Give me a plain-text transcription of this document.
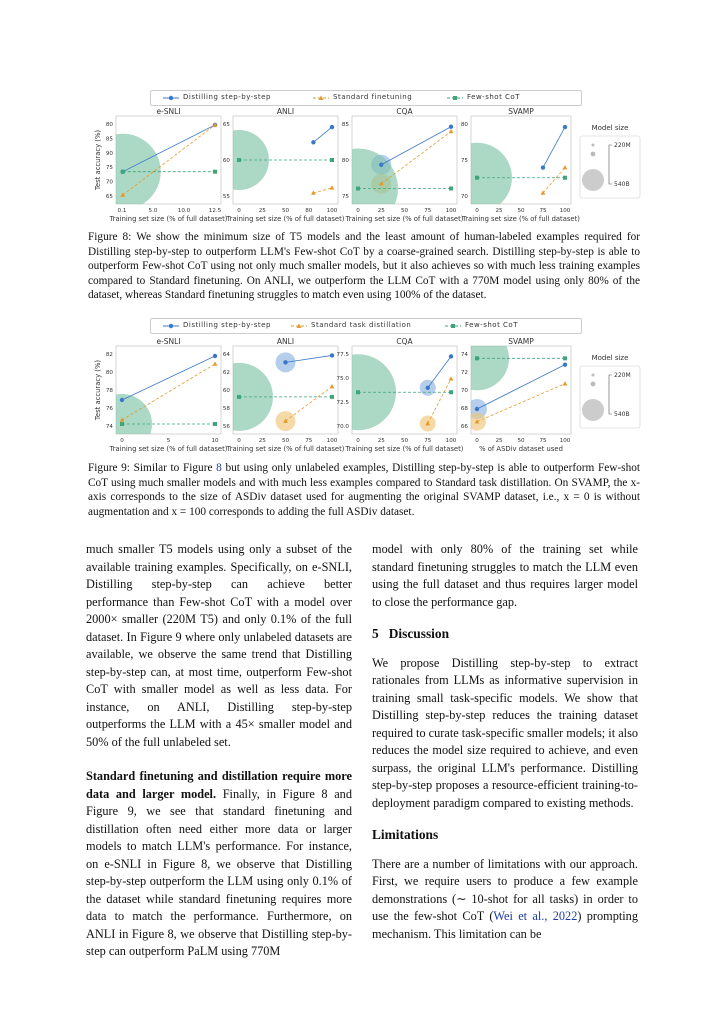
Distilling step-by-step	Standard finetuning	Few-shot CoT
e-SNLI
Training set size (% of full dataset)
Test accuracy (%)
0.1	5.0	10.0	12.5
80
85
90
75
70
65
ANLI
Training set size (% of full dataset)
0	25	50	80	100
65
60
55
CQA
Training set size (% of full dataset)
0	25	50	75	100
85
80
75
SVAMP
Training set size (% of full dataset)
0	25	50	75 100
80
75
70
Model size
220M
540B
Figure 8: We show the minimum size of T5 models and the least amount of human-labeled examples required for Distilling step-by-step to outperform LLM's Few-shot CoT by a coarse-grained search. Distilling step-by-step is able to outperform Few-shot CoT using not only much smaller models, but it also achieves so with much less training examples compared to Standard finetuning. On ANLI, we outperform the LLM CoT with a 770M model using only 80% of the dataset, whereas Standard finetuning struggles to match even using 100% of the dataset.
Distilling step-by-step	Standard task distillation	Few-shot CoT
e-SNLI
Training set size (% of full dataset)
Test accuracy (%)
0	5	10
82
80
78
76
74
ANLI
Training set size (% of full dataset)
0	25	50	75	100
64
62
60
58
56
CQA
Training set size (% of full dataset)
0	25	50	75	100
77.5
75.0
72.5
70.0
SVAMP
% of ASDiv dataset used
0	25	50	75 100
74
72
70
68
66
Model size
220M
540B
Figure 9: Similar to Figure 8 but using only unlabeled examples, Distilling step-by-step is able to outperform Few-shot CoT using much smaller models and with much less examples compared to Standard task distillation. On SVAMP, the x-axis corresponds to the size of ASDiv dataset used for augmenting the original SVAMP dataset, i.e., x = 0 is without augmentation and x = 100 corresponds to adding the full ASDiv dataset.

much smaller T5 models using only a subset of the available training examples. Specifically, on e-SNLI, Distilling step-by-step can achieve better performance than Few-shot CoT with a model over 2000× smaller (220M T5) and only 0.1% of the full dataset. In Figure 9 where only unlabeled datasets are available, we observe the same trend that Distilling step-by-step can, at most time, outperform Few-shot CoT with smaller model as well as less data. For instance, on ANLI, Distilling step-by-step outperforms the LLM with a 45× smaller model and 50% of the full unlabeled set.

Standard finetuning and distillation require more data and larger model. Finally, in Figure 8 and Figure 9, we see that standard finetuning and distillation often need either more data or larger models to match LLM's performance. For instance, on e-SNLI in Figure 8, we observe that Distilling step-by-step outperform the LLM using only 0.1% of the dataset while standard finetuning requires more data to match the performance. Furthermore, on ANLI in Figure 8, we observe that Distilling step-by-step can outperform PaLM using 770M

model with only 80% of the training set while standard finetuning struggles to match the LLM even using the full dataset and thus requires larger model to close the performance gap.

5 Discussion

We propose Distilling step-by-step to extract rationales from LLMs as informative supervision in training small task-specific models. We show that Distilling step-by-step reduces the training dataset required to curate task-specific smaller models; it also reduces the model size required to achieve, and even surpass, the original LLM's performance. Distilling step-by-step proposes a resource-efficient training-to-deployment paradigm compared to existing methods.

Limitations

There are a number of limitations with our approach. First, we require users to produce a few example demonstrations (∼ 10-shot for all tasks) in order to use the few-shot CoT (Wei et al., 2022) prompting mechanism. This limitation can be
